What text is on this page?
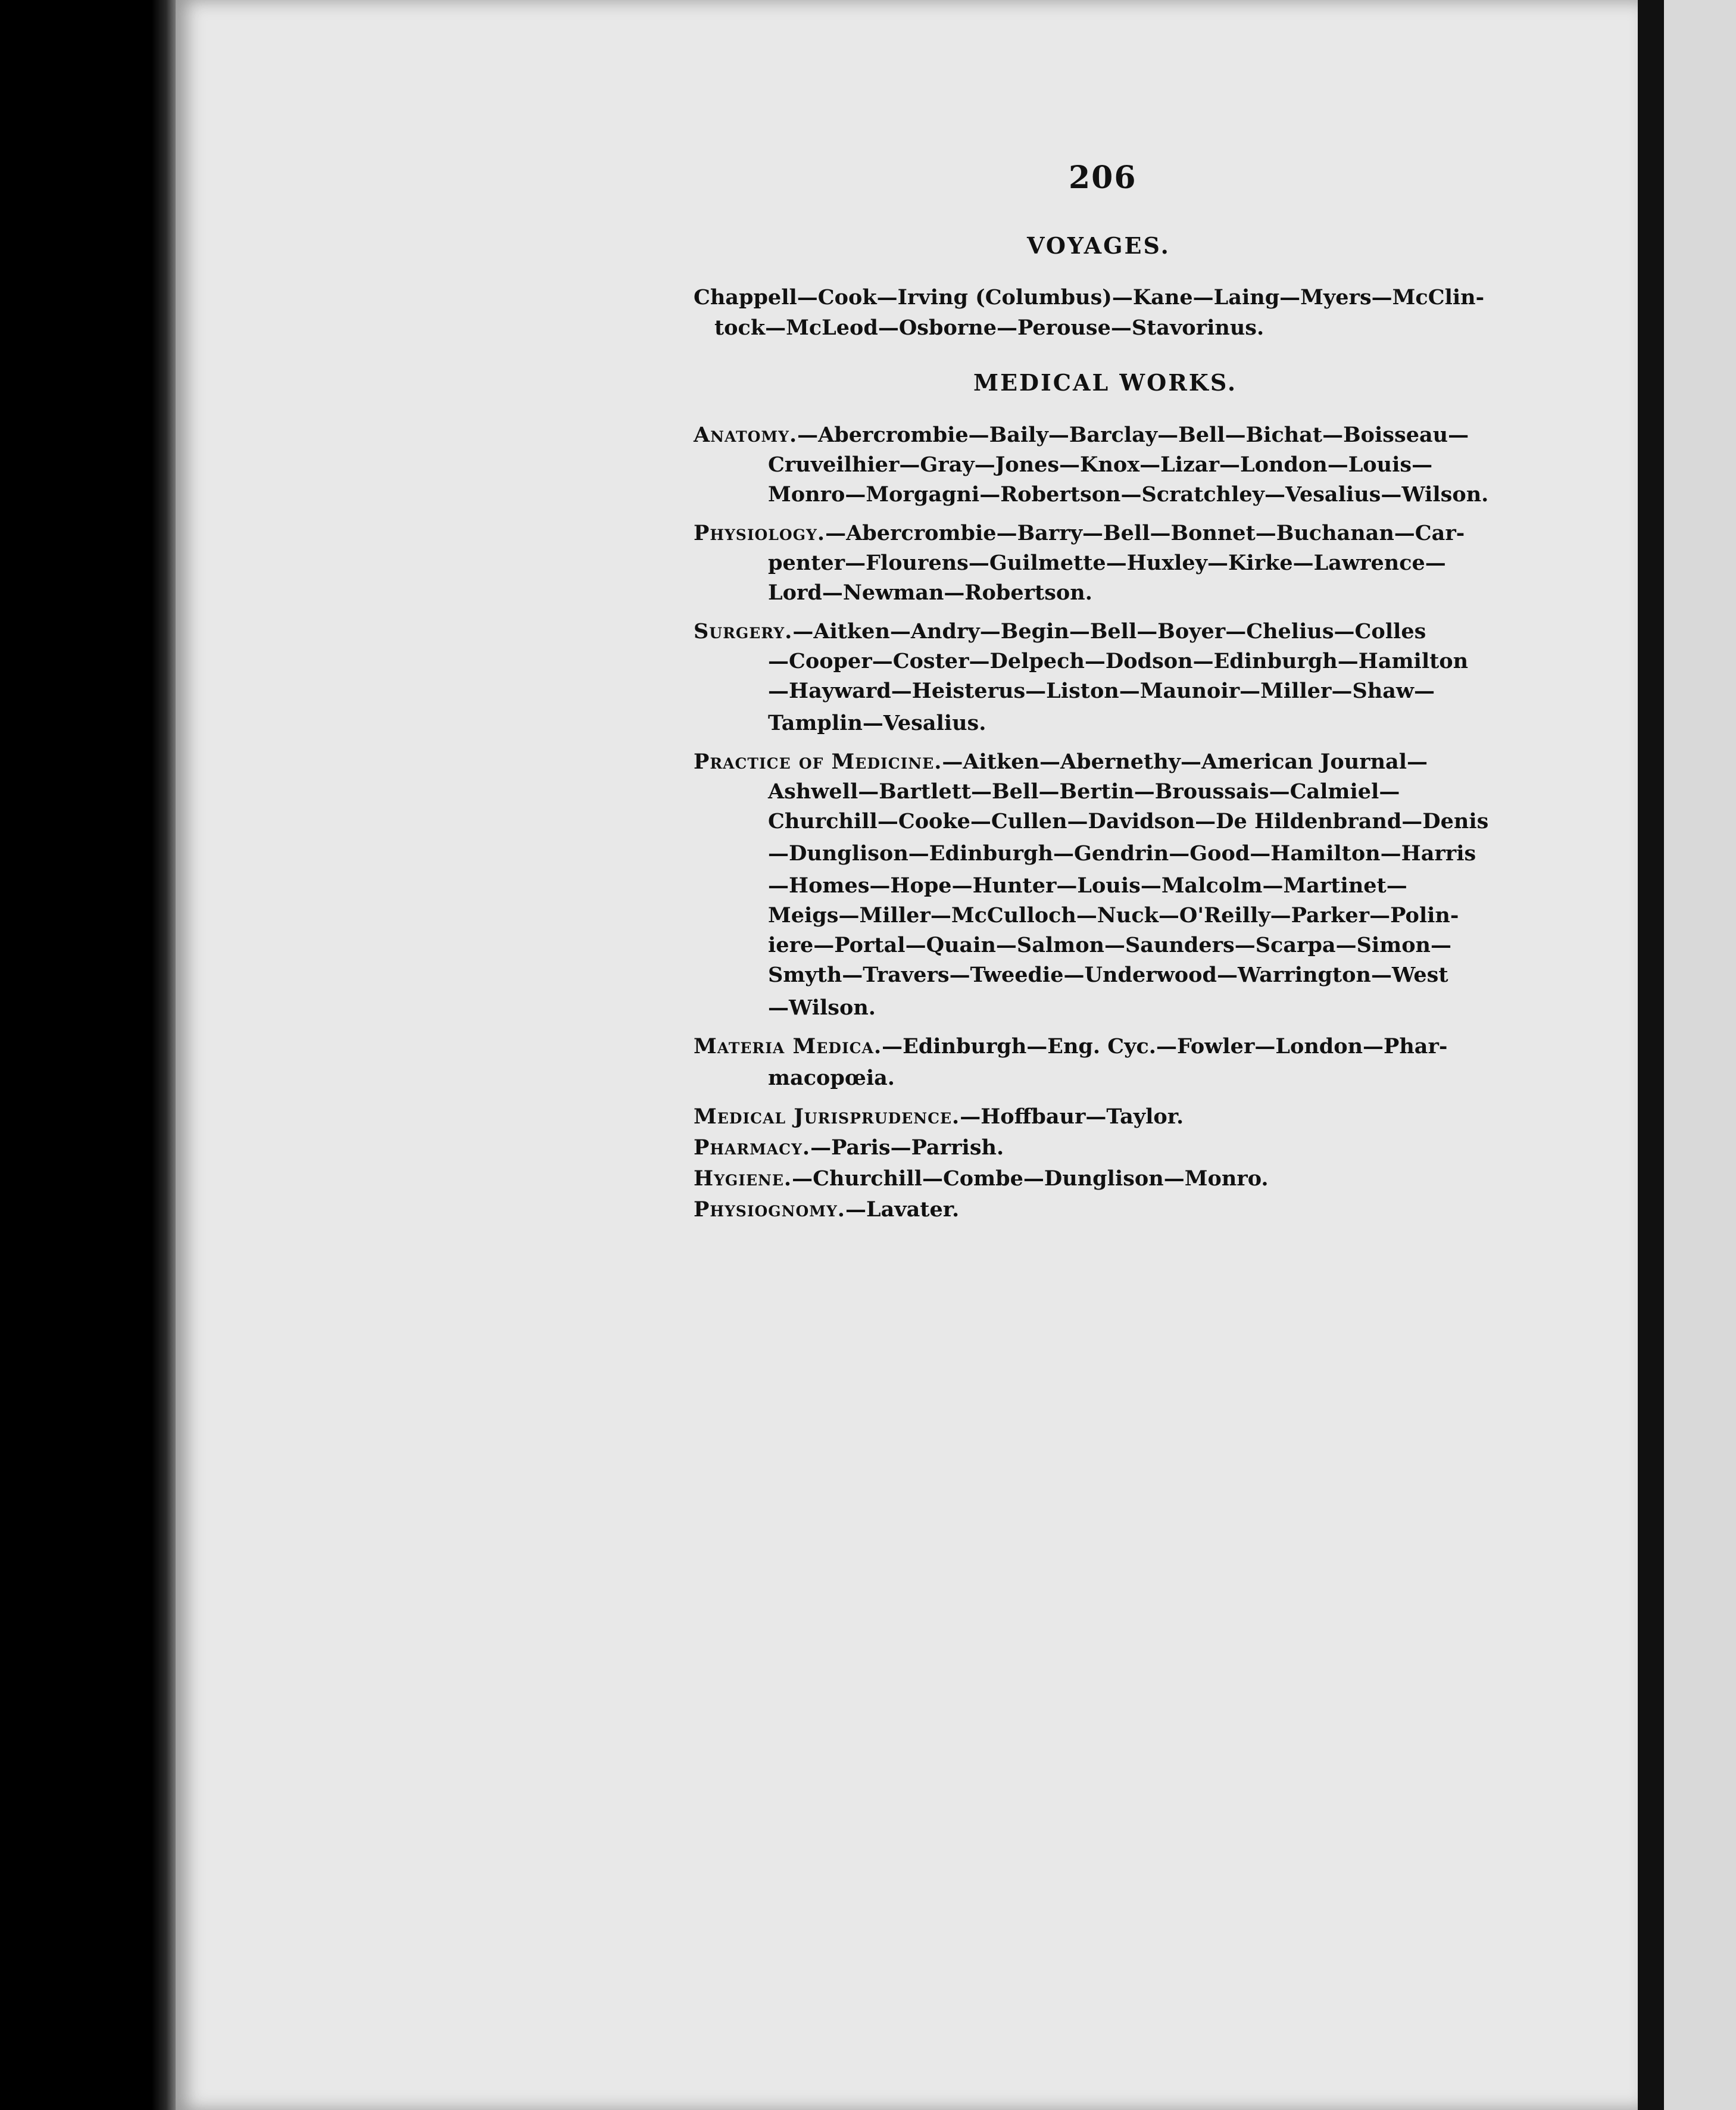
206
VOYAGES.
Chappell—Cook—Irving (Columbus)—Kane—Laing—Myers—McClin-
tock—McLeod—Osborne—Perouse—Stavorinus.
MEDICAL WORKS.
Anatomy.—Abercrombie—Baily—Barclay—Bell—Bichat—Boisseau—
Cruveilhier—Gray—Jones—Knox—Lizar—London—Louis—
Monro—Morgagni—Robertson—Scratchley—Vesalius—Wilson.
Physiology.—Abercrombie—Barry—Bell—Bonnet—Buchanan—Car-
penter—Flourens—Guilmette—Huxley—Kirke—Lawrence—
Lord—Newman—Robertson.
Surgery.—Aitken—Andry—Begin—Bell—Boyer—Chelius—Colles
—Cooper—Coster—Delpech—Dodson—Edinburgh—Hamilton
—Hayward—Heisterus—Liston—Maunoir—Miller—Shaw—
Tamplin—Vesalius.
Practice of Medicine.—Aitken—Abernethy—American Journal—
Ashwell—Bartlett—Bell—Bertin—Broussais—Calmiel—
Churchill—Cooke—Cullen—Davidson—De Hildenbrand—Denis
—Dunglison—Edinburgh—Gendrin—Good—Hamilton—Harris
—Homes—Hope—Hunter—Louis—Malcolm—Martinet—
Meigs—Miller—McCulloch—Nuck—O'Reilly—Parker—Polin-
iere—Portal—Quain—Salmon—Saunders—Scarpa—Simon—
Smyth—Travers—Tweedie—Underwood—Warrington—West
—Wilson.
Materia Medica.—Edinburgh—Eng. Cyc.—Fowler—London—Phar-
macopœia.
Medical Jurisprudence.—Hoffbaur—Taylor.
Pharmacy.—Paris—Parrish.
Hygiene.—Churchill—Combe—Dunglison—Monro.
Physiognomy.—Lavater.
